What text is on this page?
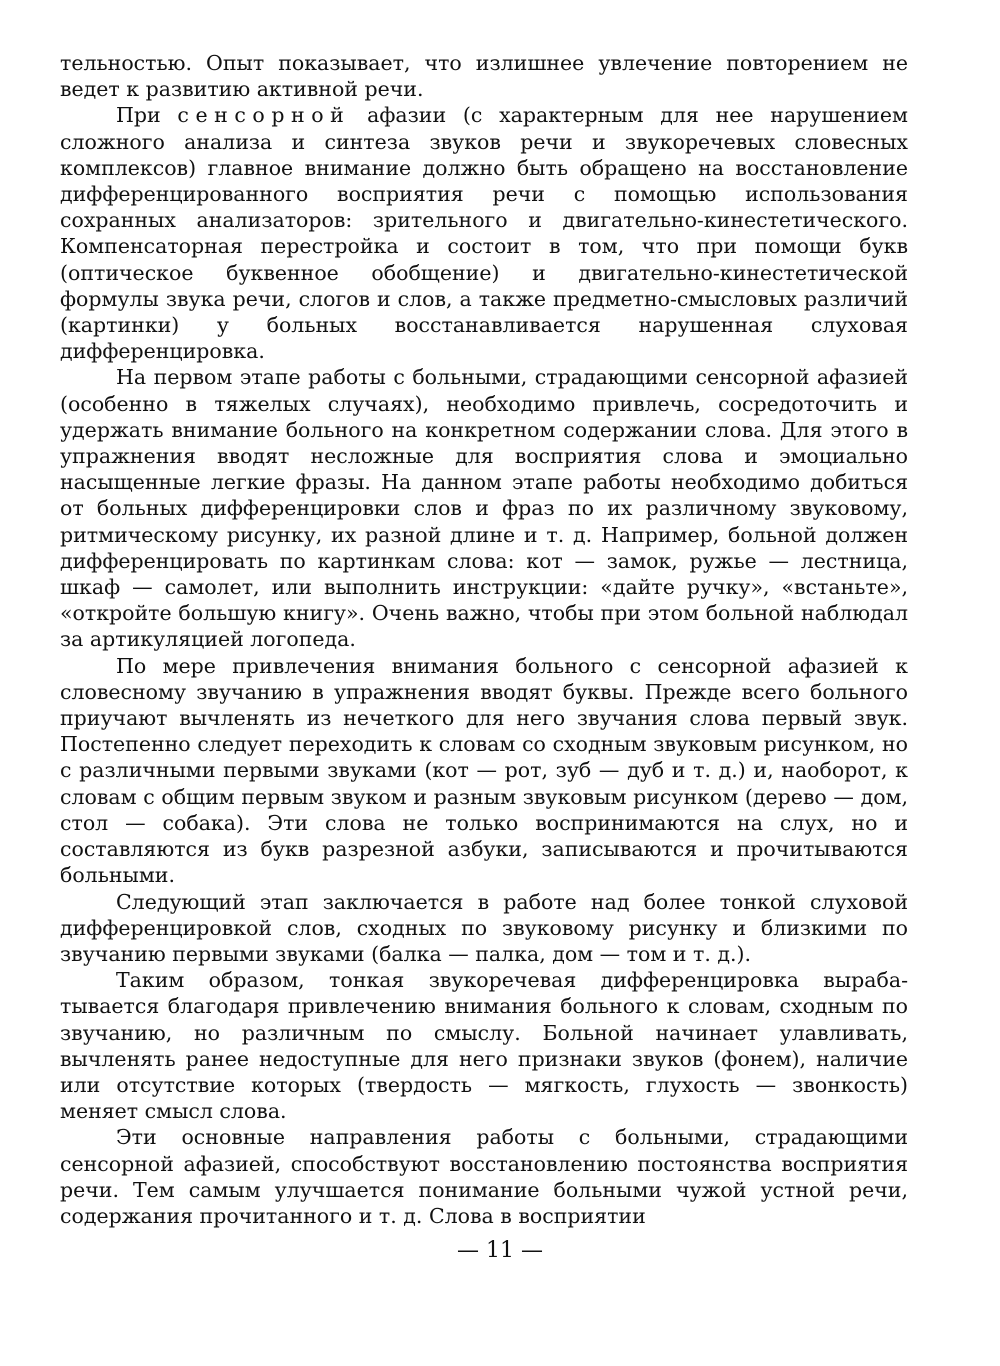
тельностью. Опыт показывает, что излишнее увлечение повторением не ведет к развитию активной речи.

При сенсорной афазии (с характерным для нее нарушением сложного анализа и синтеза звуков речи и звукоречевых словесных комплексов) главное внимание должно быть обращено на восстановление дифференцированного восприятия речи с помощью использования сохранных анализаторов: зрительного и двигательно-кинестетического. Компенсаторная перестройка и состоит в том, что при помощи букв (оптическое буквенное обобщение) и двигательно-кинестетической формулы звука речи, слогов и слов, а также предметно-смысловых различий (картинки) у больных восстанавливается нарушенная слуховая дифференцировка.

На первом этапе работы с больными, страдающими сенсорной афазией (особенно в тяжелых случаях), необходимо привлечь, сосредоточить и удержать внимание больного на конкретном содержании слова. Для этого в упражнения вводят несложные для восприятия слова и эмоциально насыщенные легкие фразы. На данном этапе работы необходимо добиться от больных дифференцировки слов и фраз по их различному звуковому, ритмическому рисунку, их разной длине и т. д. Например, больной должен дифференцировать по картинкам слова: кот — замок, ружье — лестница, шкаф — самолет, или выполнить инструкции: «дайте ручку», «встаньте», «откройте большую книгу». Очень важно, чтобы при этом больной наблюдал за артикуляцией логопеда.

По мере привлечения внимания больного с сенсорной афазией к словесному звучанию в упражнения вводят буквы. Прежде всего больного приучают вычленять из нечеткого для него звучания слова первый звук. Постепенно следует переходить к словам со сходным звуковым рисунком, но с различными первыми звуками (кот — рот, зуб — дуб и т. д.) и, наоборот, к словам с общим первым звуком и разным звуковым рисунком (дерево — дом, стол — собака). Эти слова не только воспринимаются на слух, но и составляются из букв разрезной азбуки, записываются и прочитываются больными.

Следующий этап заключается в работе над более тонкой слуховой дифференцировкой слов, сходных по звуковому рисунку и близкими по звучанию первыми звуками (балка — палка, дом — том и т. д.).

Таким образом, тонкая звукоречевая дифференцировка вырабатывается благодаря привлечению внимания больного к словам, сходным по звучанию, но различным по смыслу. Больной начинает улавливать, вычленять ранее недоступные для него признаки звуков (фонем), наличие или отсутствие которых (твердость — мягкость, глухость — звонкость) меняет смысл слова.

Эти основные направления работы с больными, страдающими сенсорной афазией, способствуют восстановлению постоянства восприятия речи. Тем самым улучшается понимание больными чужой устной речи, содержания прочитанного и т. д. Слова в восприятии

— 11 —
